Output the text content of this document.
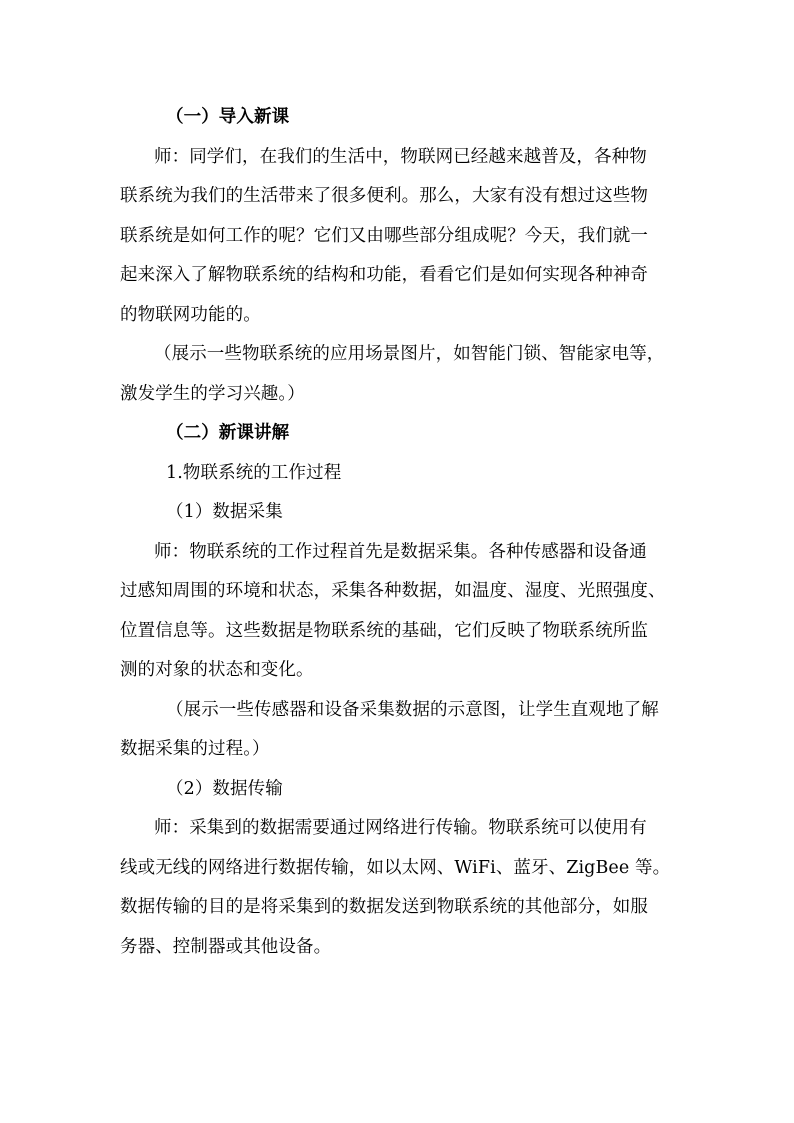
（一）导入新课

师：同学们，在我们的生活中，物联网已经越来越普及，各种物

联系统为我们的生活带来了很多便利。那么，大家有没有想过这些物

联系统是如何工作的呢？它们又由哪些部分组成呢？今天，我们就一

起来深入了解物联系统的结构和功能，看看它们是如何实现各种神奇

的物联网功能的。

（展示一些物联系统的应用场景图片，如智能门锁、智能家电等，

激发学生的学习兴趣。）

（二）新课讲解

1.物联系统的工作过程

（1）数据采集

师：物联系统的工作过程首先是数据采集。各种传感器和设备通

过感知周围的环境和状态，采集各种数据，如温度、湿度、光照强度、

位置信息等。这些数据是物联系统的基础，它们反映了物联系统所监

测的对象的状态和变化。

（展示一些传感器和设备采集数据的示意图，让学生直观地了解

数据采集的过程。）

（2）数据传输

师：采集到的数据需要通过网络进行传输。物联系统可以使用有

线或无线的网络进行数据传输，如以太网、WiFi、蓝牙、ZigBee 等。

数据传输的目的是将采集到的数据发送到物联系统的其他部分，如服

务器、控制器或其他设备。
